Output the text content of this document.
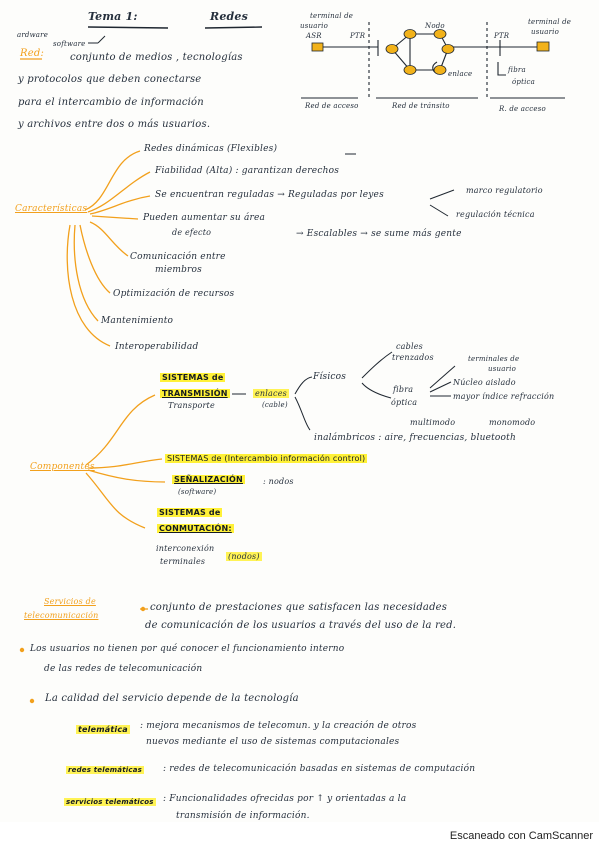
Tema 1:	Redes
ardware
software
terminal de
usuario
ASR	PTR
Nodo
enlace
PTR
terminal de
usuario
fibra
óptica
Red de acceso	Red de tránsito	R. de acceso
Red:	conjunto de medios , tecnologías
y protocolos que deben conectarse
para el intercambio de información
y archivos entre dos o más usuarios.
Características
Redes dinámicas (Flexibles)
Fiabilidad (Alta) : garantizan derechos
Se encuentran reguladas → Reguladas por leyes	marco regulatorio
regulación técnica
Pueden aumentar su área
de efecto	→ Escalables → se sume más gente
Comunicación entre
miembros
Optimización de recursos
Mantenimiento
Interoperabilidad
Componentes
SISTEMAS de
TRANSMISIÓN
Transporte
enlaces
(cable)
Físicos
cables
trenzados
fibra
óptica
terminales de
usuario
Núcleo aislado
mayor índice refracción
multimodo	monomodo
inalámbricos : aire, frecuencias, bluetooth
SISTEMAS de (Intercambio información control)
SEÑALIZACIÓN
(software)
: nodos
SISTEMAS de
CONMUTACIÓN:
interconexión
terminales
(nodos)
Servicios de
telecomunicación
conjunto de prestaciones que satisfacen las necesidades
de comunicación de los usuarios a través del uso de la red.
Los usuarios no tienen por qué conocer el funcionamiento interno
de las redes de telecomunicación
La calidad del servicio depende de la tecnología
telemática : mejora mecanismos de telecomun. y la creación de otros
nuevos mediante el uso de sistemas computacionales
redes telemáticas : redes de telecomunicación basadas en sistemas de computación
servicios telemáticos : Funcionalidades ofrecidas por ↑ y orientadas a la
transmisión de información.
Escaneado con CamScanner
